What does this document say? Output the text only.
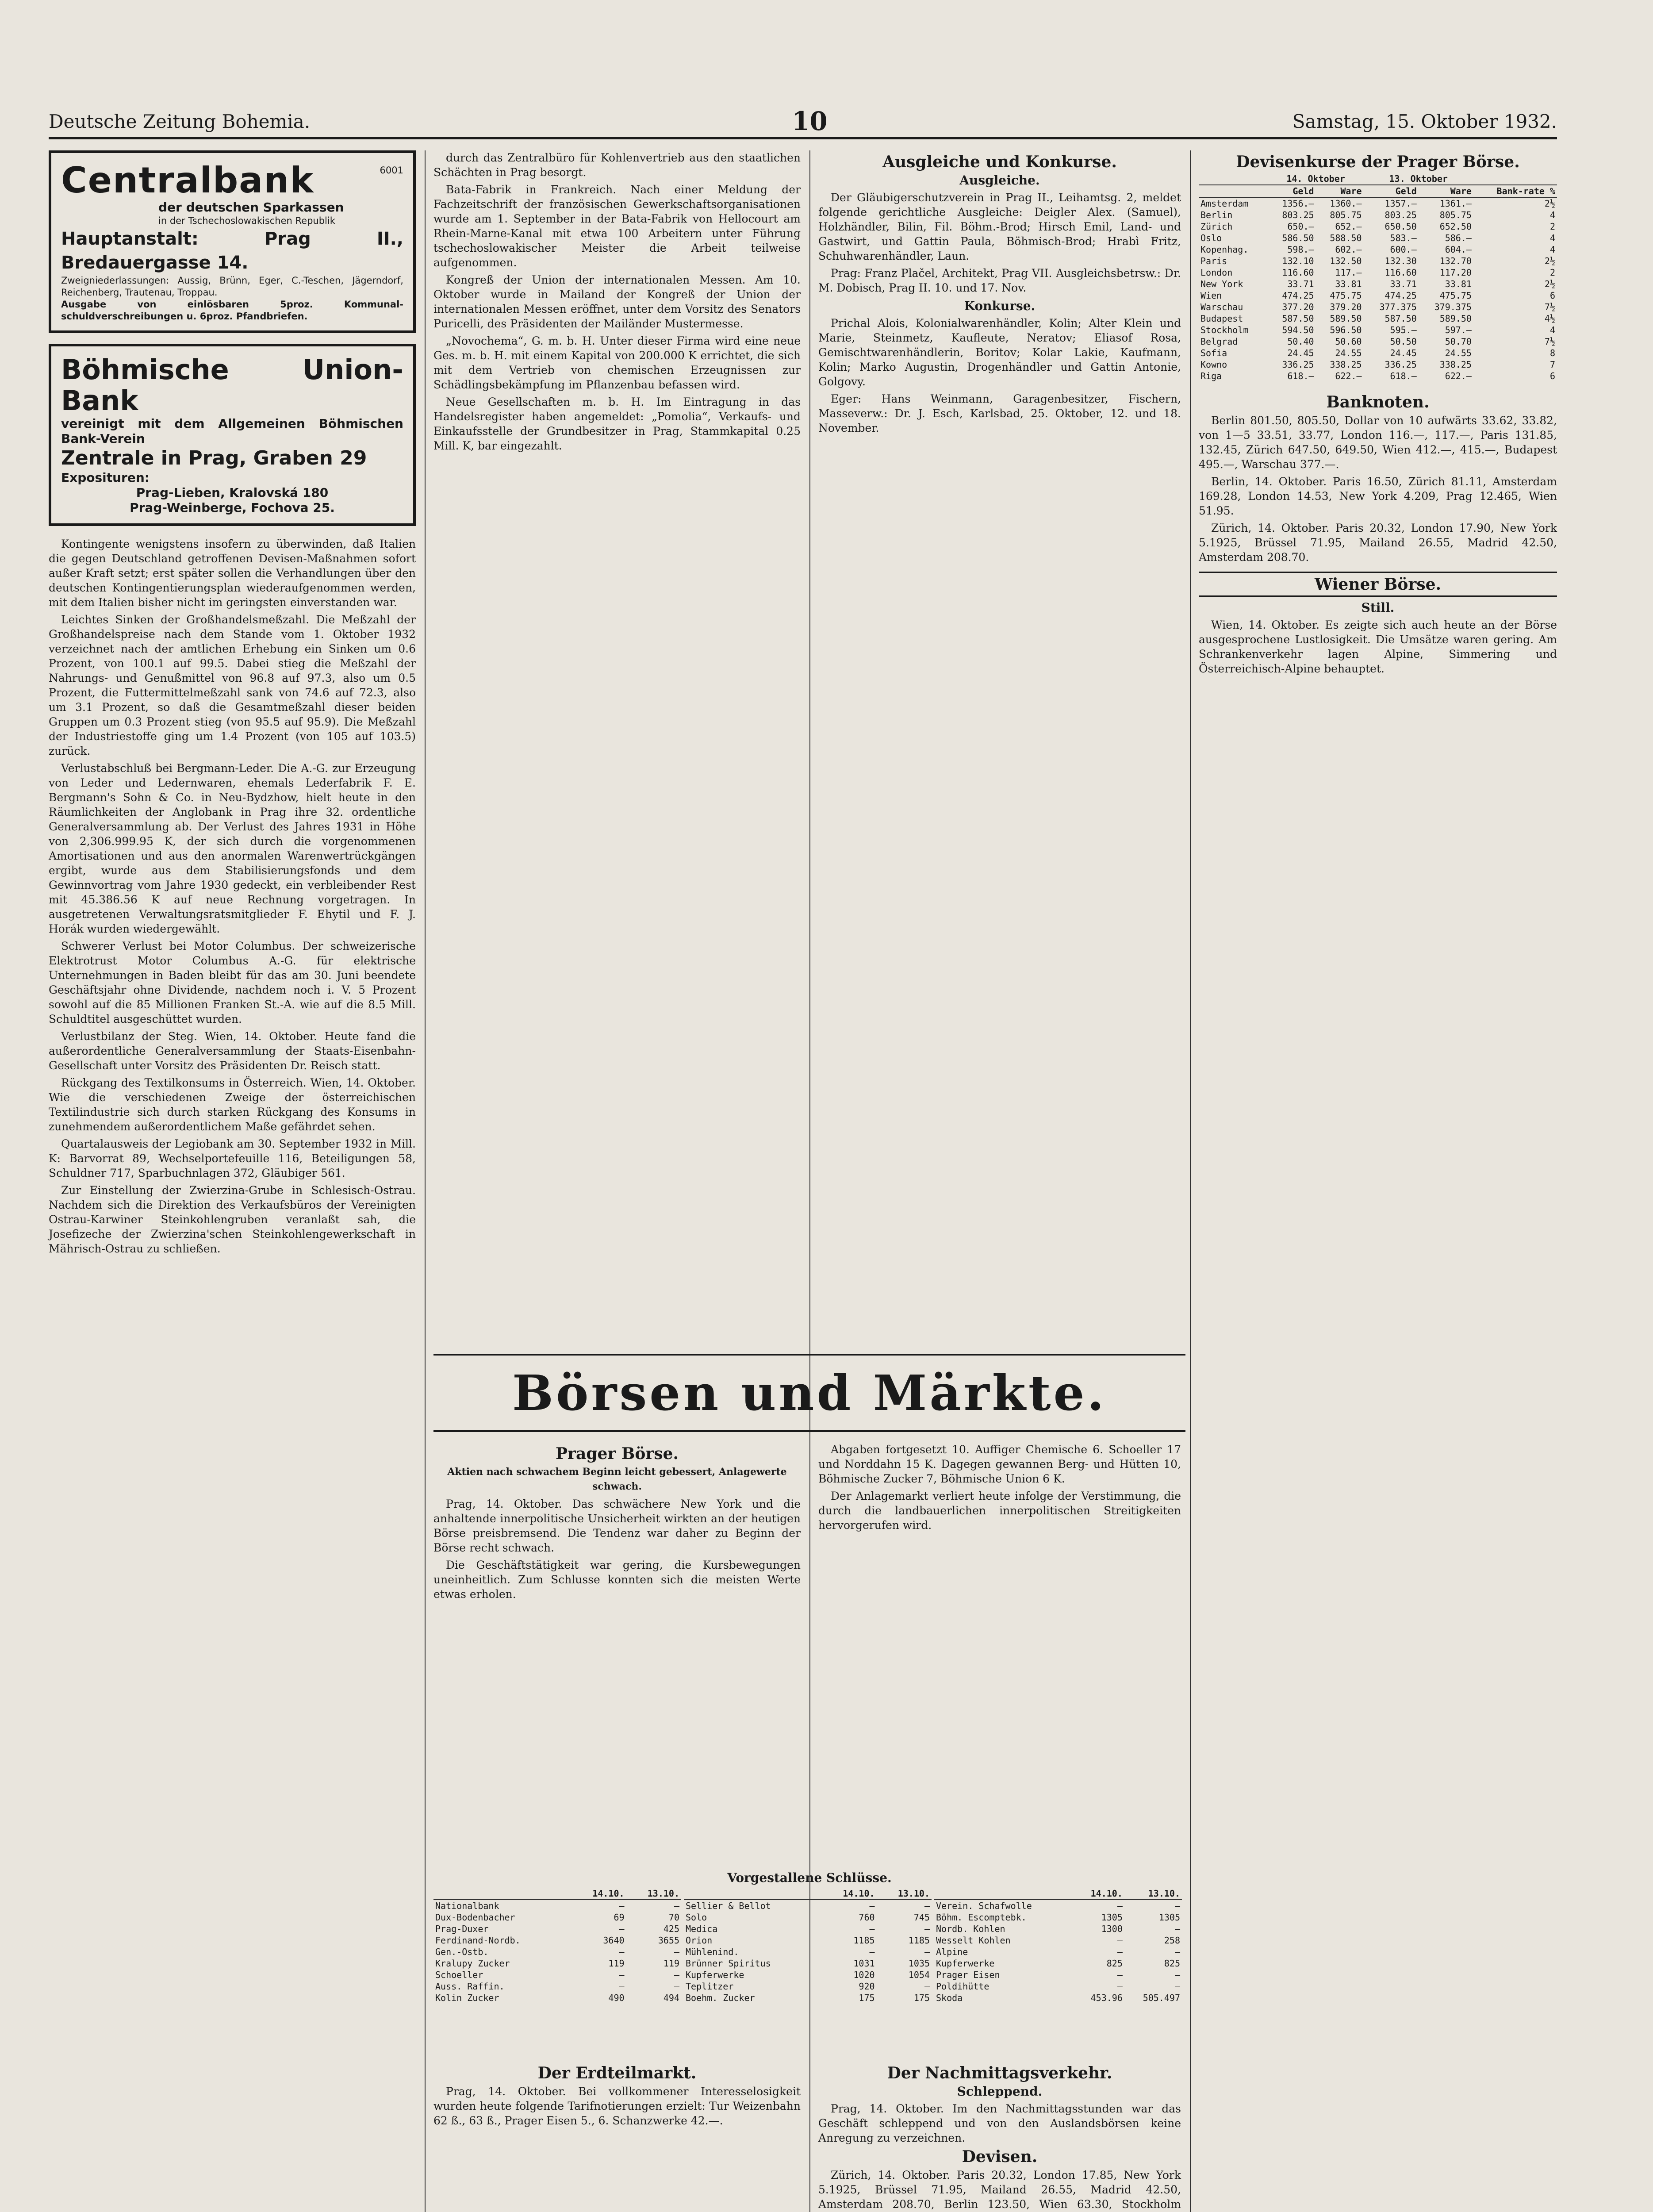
Deutsche Zeitung Bohemia.	10	Samstag, 15. Oktober 1932.
Centralbank	6001
der deutschen Sparkassen
in der Tschechoslowakischen Republik
Hauptanstalt: Prag II., Bredauergasse 14.
Zweigniederlassungen: Aussig, Brünn, Eger, C.-Teschen, Jägerndorf, Reichenberg, Trautenau, Troppau.
Ausgabe von einlösbaren 5proz. Kommunal-schuldverschreibungen u. 6proz. Pfandbriefen.
Böhmische Union-Bank
vereinigt mit dem Allgemeinen Böhmischen Bank-Verein
Zentrale in Prag, Graben 29
Exposituren:
Prag-Lieben, Kralovská 180
Prag-Weinberge, Fochova 25.

Kontingente wenigstens insofern zu überwinden, daß Italien die gegen Deutschland getroffenen Devisen-Maßnahmen sofort außer Kraft setzt; erst später sollen die Verhandlungen über den deutschen Kontingentierungsplan wiederaufgenommen werden, mit dem Italien bisher nicht im geringsten einverstanden war.

Leichtes Sinken der Großhandelsmeßzahl. Die Meßzahl der Großhandelspreise nach dem Stande vom 1. Oktober 1932 verzeichnet nach der amtlichen Erhebung ein Sinken um 0.6 Prozent, von 100.1 auf 99.5. Dabei stieg die Meßzahl der Nahrungs- und Genußmittel von 96.8 auf 97.3, also um 0.5 Prozent, die Futtermittelmeßzahl sank von 74.6 auf 72.3, also um 3.1 Prozent, so daß die Gesamtmeßzahl dieser beiden Gruppen um 0.3 Prozent stieg (von 95.5 auf 95.9). Die Meßzahl der Industriestoffe ging um 1.4 Prozent (von 105 auf 103.5) zurück.

Verlustabschluß bei Bergmann-Leder. Die A.-G. zur Erzeugung von Leder und Ledernwaren, ehemals Lederfabrik F. E. Bergmann's Sohn & Co. in Neu-Bydzhow, hielt heute in den Räumlichkeiten der Anglobank in Prag ihre 32. ordentliche Generalversammlung ab. Der Verlust des Jahres 1931 in Höhe von 2,306.999.95 K, der sich durch die vorgenommenen Amortisationen und aus den anormalen Warenwertrückgängen ergibt, wurde aus dem Stabilisierungsfonds und dem Gewinnvortrag vom Jahre 1930 gedeckt, ein verbleibender Rest mit 45.386.56 K auf neue Rechnung vorgetragen. In ausgetretenen Verwaltungsratsmitglieder F. Ehytil und F. J. Horák wurden wiedergewählt.

Schwerer Verlust bei Motor Columbus. Der schweizerische Elektrotrust Motor Columbus A.-G. für elektrische Unternehmungen in Baden bleibt für das am 30. Juni beendete Geschäftsjahr ohne Dividende, nachdem noch i. V. 5 Prozent sowohl auf die 85 Millionen Franken St.-A. wie auf die 8.5 Mill. Schuldtitel ausgeschüttet wurden.

Verlustbilanz der Steg. Wien, 14. Oktober. Heute fand die außerordentliche Generalversammlung der Staats-Eisenbahn-Gesellschaft unter Vorsitz des Präsidenten Dr. Reisch statt.

Rückgang des Textilkonsums in Österreich. Wien, 14. Oktober. Wie die verschiedenen Zweige der österreichischen Textilindustrie sich durch starken Rückgang des Konsums in zunehmendem außerordentlichem Maße gefährdet sehen.

Quartalausweis der Legiobank am 30. September 1932 in Mill. K: Barvorrat 89, Wechselportefeuille 116, Beteiligungen 58, Schuldner 717, Sparbuchnlagen 372, Gläubiger 561.

Zur Einstellung der Zwierzina-Grube in Schlesisch-Ostrau. Nachdem sich die Direktion des Verkaufsbüros der Vereinigten Ostrau-Karwiner Steinkohlengruben veranlaßt sah, die Josefizeche der Zwierzina'schen Steinkohlengewerkschaft in Mährisch-Ostrau zu schließen.

durch das Zentralbüro für Kohlenvertrieb aus den staatlichen Schächten in Prag besorgt.

Bata-Fabrik in Frankreich. Nach einer Meldung der Fachzeitschrift der französischen Gewerkschaftsorganisationen wurde am 1. September in der Bata-Fabrik von Hellocourt am Rhein-Marne-Kanal mit etwa 100 Arbeitern unter Führung tschechoslowakischer Meister die Arbeit teilweise aufgenommen.

Kongreß der Union der internationalen Messen. Am 10. Oktober wurde in Mailand der Kongreß der Union der internationalen Messen eröffnet, unter dem Vorsitz des Senators Puricelli, des Präsidenten der Mailänder Mustermesse.

„Novochema“, G. m. b. H. Unter dieser Firma wird eine neue Ges. m. b. H. mit einem Kapital von 200.000 K errichtet, die sich mit dem Vertrieb von chemischen Erzeugnissen zur Schädlingsbekämpfung im Pflanzenbau befassen wird.

Neue Gesellschaften m. b. H. Im Eintragung in das Handelsregister haben angemeldet: „Pomolia“, Verkaufs- und Einkaufsstelle der Grundbesitzer in Prag, Stammkapital 0.25 Mill. K, bar eingezahlt.

Ausgleiche und Konkurse.
Ausgleiche.

Der Gläubigerschutzverein in Prag II., Leihamtsg. 2, meldet folgende gerichtliche Ausgleiche: Deigler Alex. (Samuel), Holzhändler, Bilin, Fil. Böhm.-Brod; Hirsch Emil, Land- und Gastwirt, und Gattin Paula, Böhmisch-Brod; Hrabì Fritz, Schuhwarenhändler, Laun.

Prag: Franz Plačel, Architekt, Prag VII. Ausgleichsbetrsw.: Dr. M. Dobisch, Prag II. 10. und 17. Nov.

Konkurse.

Prichal Alois, Kolonialwarenhändler, Kolin; Alter Klein und Marie, Steinmetz, Kaufleute, Neratov; Eliasof Rosa, Gemischtwarenhändlerin, Boritov; Kolar Lakie, Kaufmann, Kolin; Marko Augustin, Drogenhändler und Gattin Antonie, Golgovy.

Eger: Hans Weinmann, Garagenbesitzer, Fischern, Masseverw.: Dr. J. Esch, Karlsbad, 25. Oktober, 12. und 18. November.

Devisenkurse der Prager Börse.
	14. Oktober		13. Oktober		
	Geld	Ware	Geld	Ware	Bank-rate %
Amsterdam	1356.—	1360.—	1357.—	1361.—	2½
Berlin	803.25	805.75	803.25	805.75	4
Zürich	650.—	652.—	650.50	652.50	2
Oslo	586.50	588.50	583.—	586.—	4
Kopenhag.	598.—	602.—	600.—	604.—	4
Paris	132.10	132.50	132.30	132.70	2½
London	116.60	117.—	116.60	117.20	2
New York	33.71	33.81	33.71	33.81	2½
Wien	474.25	475.75	474.25	475.75	6
Warschau	377.20	379.20	377.375	379.375	7½
Budapest	587.50	589.50	587.50	589.50	4½
Stockholm	594.50	596.50	595.—	597.—	4
Belgrad	50.40	50.60	50.50	50.70	7½
Sofia	24.45	24.55	24.45	24.55	8
Kowno	336.25	338.25	336.25	338.25	7
Riga	618.—	622.—	618.—	622.—	6
Banknoten.

Berlin 801.50, 805.50, Dollar von 10 aufwärts 33.62, 33.82, von 1—5 33.51, 33.77, London 116.—, 117.—, Paris 131.85, 132.45, Zürich 647.50, 649.50, Wien 412.—, 415.—, Budapest 495.—, Warschau 377.—.

Berlin, 14. Oktober. Paris 16.50, Zürich 81.11, Amsterdam 169.28, London 14.53, New York 4.209, Prag 12.465, Wien 51.95.

Zürich, 14. Oktober. Paris 20.32, London 17.90, New York 5.1925, Brüssel 71.95, Mailand 26.55, Madrid 42.50, Amsterdam 208.70.

Wiener Börse.
Still.

Wien, 14. Oktober. Es zeigte sich auch heute an der Börse ausgesprochene Lustlosigkeit. Die Umsätze waren gering. Am Schrankenverkehr lagen Alpine, Simmering und Österreichisch-Alpine behauptet.

Börsen und Märkte.
Prager Börse.
Aktien nach schwachem Beginn leicht gebessert, Anlagewerte schwach.

Prag, 14. Oktober. Das schwächere New York und die anhaltende innerpolitische Unsicherheit wirkten an der heutigen Börse preisbremsend. Die Tendenz war daher zu Beginn der Börse recht schwach.

Die Geschäftstätigkeit war gering, die Kursbewegungen uneinheitlich. Zum Schlusse konnten sich die meisten Werte etwas erholen.

Abgaben fortgesetzt 10. Auffiger Chemische 6. Schoeller 17 und Norddahn 15 K. Dagegen gewannen Berg- und Hütten 10, Böhmische Zucker 7, Böhmische Union 6 K.

Der Anlagemarkt verliert heute infolge der Verstimmung, die durch die landbauerlichen innerpolitischen Streitigkeiten hervorgerufen wird.

Vorgestallene Schlüsse.
	14.10.	13.10.
Nationalbank	—	—
Dux-Bodenbacher	69	70
Prag-Duxer	—	425
Ferdinand-Nordb.	3640	3655
Gen.-Ostb.	—	—
Kralupy Zucker	119	119
Schoeller	—	—
Auss. Raffin.	—	—
Kolin Zucker	490	494
	14.10.	13.10.
Sellier & Bellot	—	—
Solo	760	745
Medica	—	—
Orion	1185	1185
Mühlenind.	—	—
Brünner Spiritus	1031	1035
Kupferwerke	1020	1054
Teplitzer	920	—
Boehm. Zucker	175	175
	14.10.	13.10.
Verein. Schafwolle	—	—
Böhm. Escomptebk.	1305	1305
Nordb. Kohlen	1300	—
Wesselt Kohlen	—	258
Alpine	—	—
Kupferwerke	825	825
Prager Eisen	—	—
Poldihütte	—	—
Skoda	453.96	505.497
Der Erdteilmarkt.

Prag, 14. Oktober. Bei vollkommener Interesselosigkeit wurden heute folgende Tarifnotierungen erzielt: Tur Weizenbahn 62 ß., 63 ß., Prager Eisen 5., 6. Schanzwerke 42.—.

Der Nachmittagsverkehr.
Schleppend.

Prag, 14. Oktober. Im den Nachmittagsstunden war das Geschäft schleppend und von den Auslandsbörsen keine Anregung zu verzeichnen.

Devisen.

Zürich, 14. Oktober. Paris 20.32, London 17.85, New York 5.1925, Brüssel 71.95, Mailand 26.55, Madrid 42.50, Amsterdam 208.70, Berlin 123.50, Wien 63.30, Stockholm
